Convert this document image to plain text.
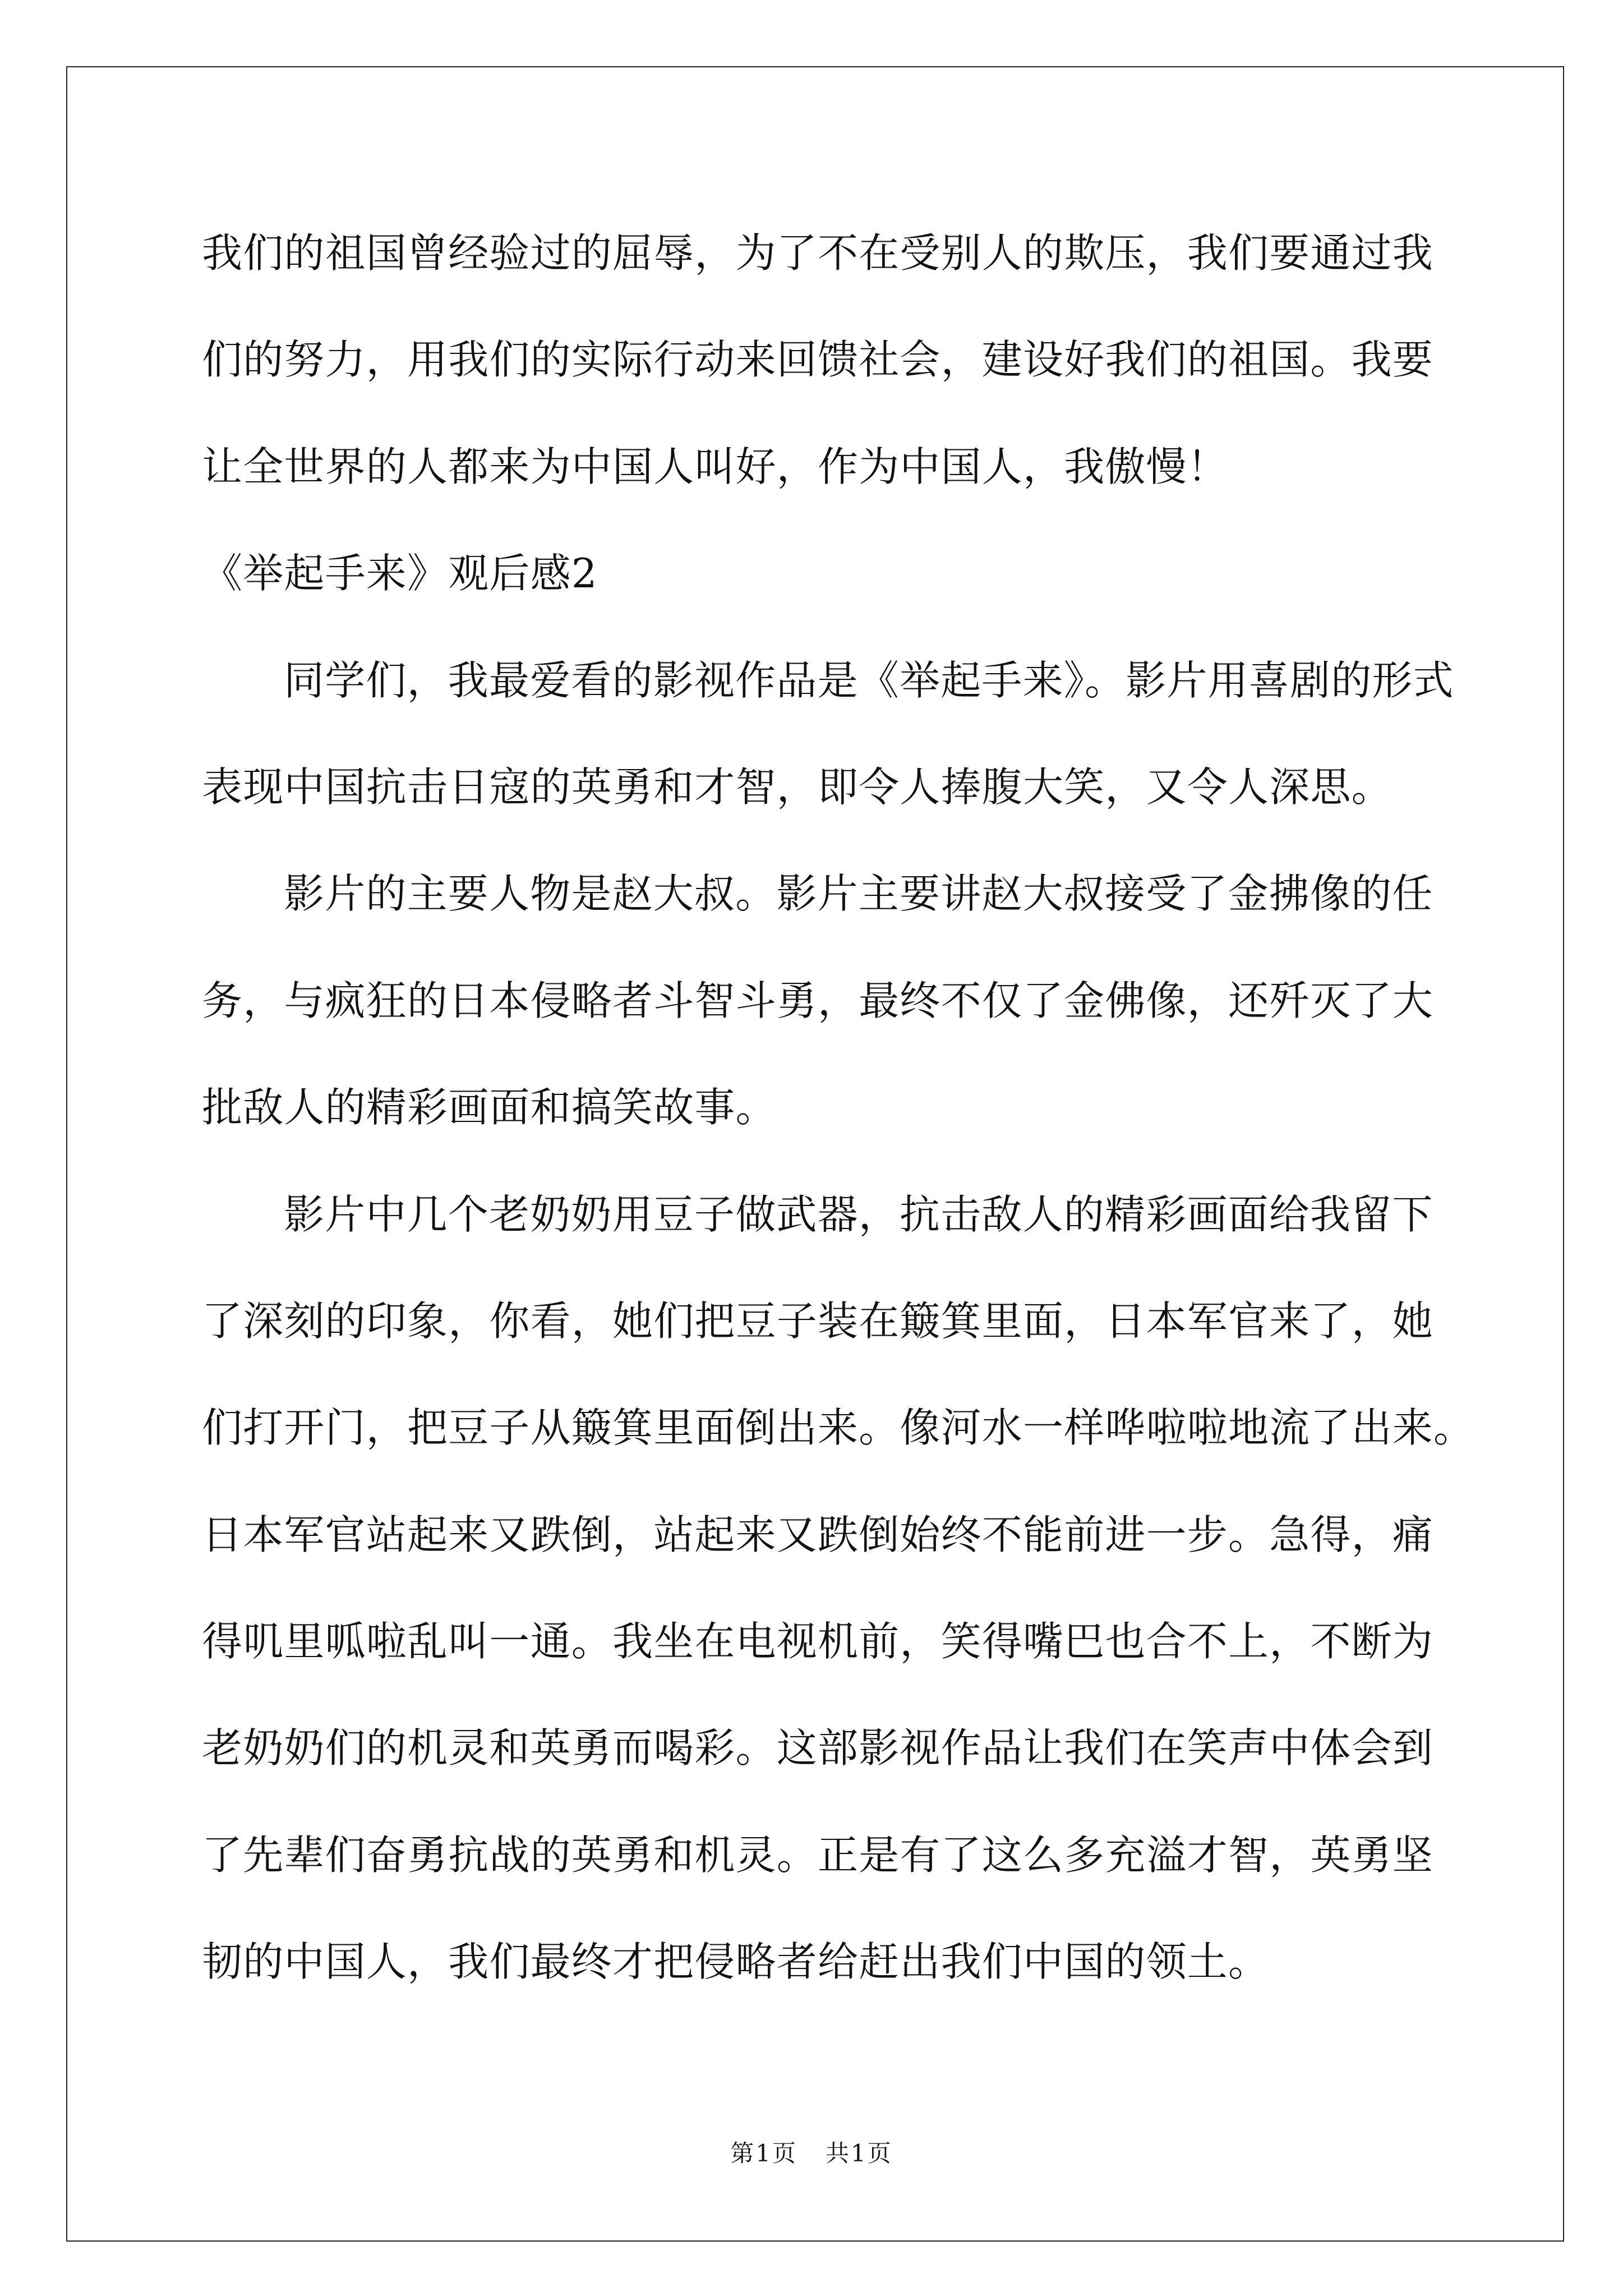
我们的祖国曾经验过的屈辱，为了不在受别人的欺压，我们要通过我
们的努力，用我们的实际行动来回馈社会，建设好我们的祖国。我要
让全世界的人都来为中国人叫好，作为中国人，我傲慢！
《举起手来》观后感2
同学们，我最爱看的影视作品是《举起手来》。影片用喜剧的形式
表现中国抗击日寇的英勇和才智，即令人捧腹大笑，又令人深思。
影片的主要人物是赵大叔。影片主要讲赵大叔接受了金拂像的任
务，与疯狂的日本侵略者斗智斗勇，最终不仅了金佛像，还歼灭了大
批敌人的精彩画面和搞笑故事。
影片中几个老奶奶用豆子做武器，抗击敌人的精彩画面给我留下
了深刻的印象，你看，她们把豆子装在簸箕里面，日本军官来了，她
们打开门，把豆子从簸箕里面倒出来。像河水一样哗啦啦地流了出来。
日本军官站起来又跌倒，站起来又跌倒始终不能前进一步。急得，痛
得叽里呱啦乱叫一通。我坐在电视机前，笑得嘴巴也合不上，不断为
老奶奶们的机灵和英勇而喝彩。这部影视作品让我们在笑声中体会到
了先辈们奋勇抗战的英勇和机灵。正是有了这么多充溢才智，英勇坚
韧的中国人，我们最终才把侵略者给赶出我们中国的领土。
第1页 共1页
